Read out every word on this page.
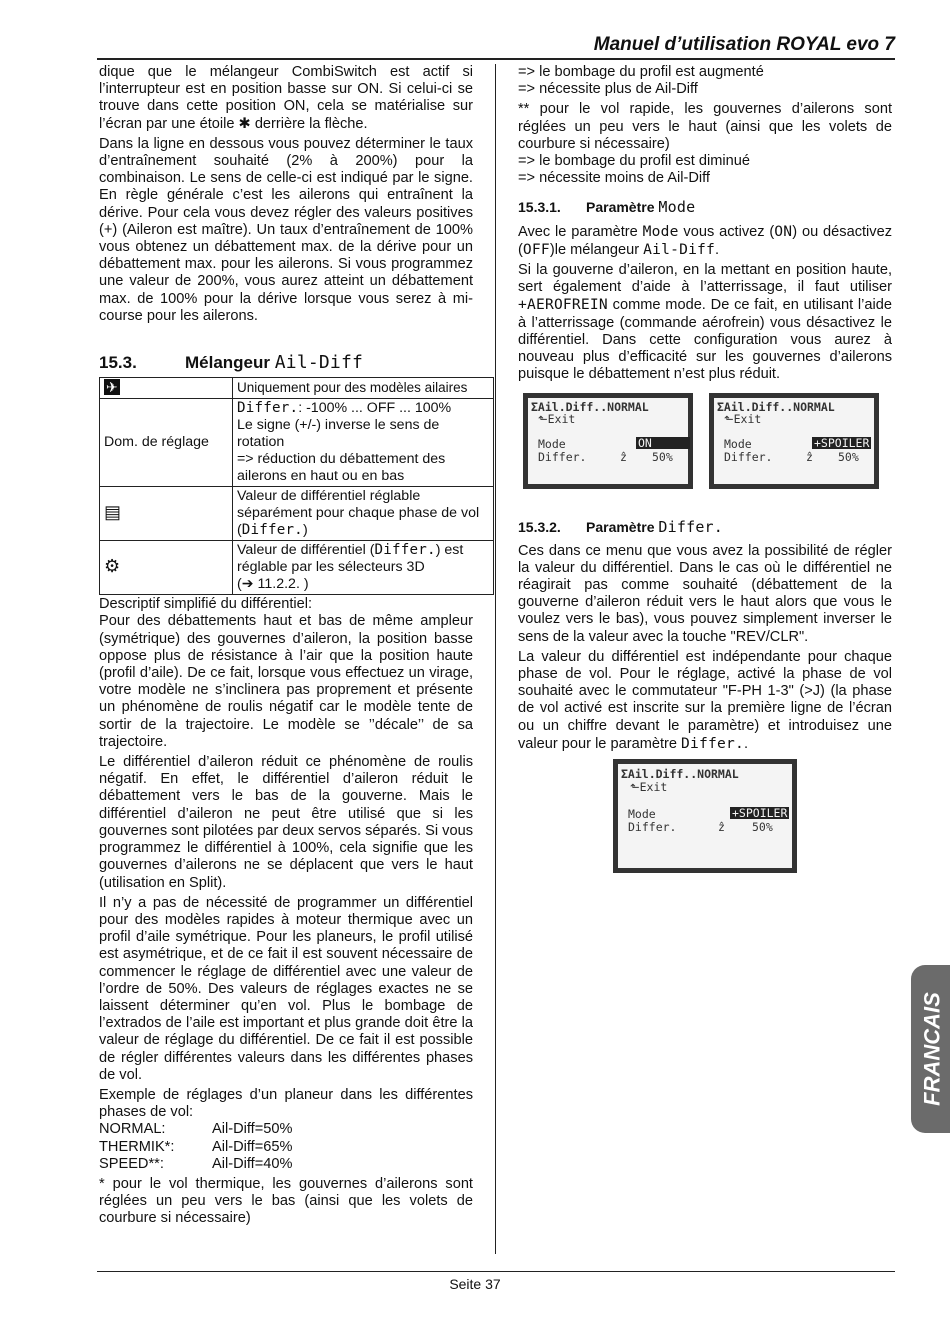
Manuel d’utilisation ROYAL evo 7

dique que le mélangeur CombiSwitch est actif si l’interrupteur est en position basse sur ON. Si celui-ci se trouve dans cette position ON, cela se matérialise sur l’écran par une étoile ✱ derrière la flèche.

Dans la ligne en dessous vous pouvez déterminer le taux d’entraînement souhaité (2% à 200%) pour la combinaison. Le sens de celle-ci est indiqué par le signe. En règle générale c’est les ailerons qui entraînent la dérive. Pour cela vous devez régler des valeurs positives (+) (Aileron est maître). Un taux d’entraînement de 100% vous obtenez un débattement max. de la dérive pour un débattement max. pour les ailerons. Si vous programmez une valeur de 200%, vous aurez atteint un débattement max. de 100% pour la dérive lorsque vous serez à mi-course pour les ailerons.

15.3.	Mélangeur Ail-Diff
✈	Uniquement pour des modèles ailaires
Dom. de réglage	Differ.: -100% ... OFF ... 100%
Le signe (+/-) inverse le sens de rotation
=> réduction du débattement des ailerons en haut ou en bas
▤	Valeur de différentiel réglable séparément pour chaque phase de vol (Differ.)
⚙	Valeur de différentiel (Differ.) est réglable par les sélecteurs 3D
(➔ 11.2.2. )

Descriptif simplifié du différentiel:

Pour des débattements haut et bas de même ampleur (symétrique) des gouvernes d’aileron, la position basse oppose plus de résistance à l’air que la position haute (profil d’aile). De ce fait, lorsque vous effectuez un virage, votre modèle ne s’inclinera pas proprement et présente un phénomène de roulis négatif car le modèle tente de sortir de la trajectoire. Le modèle se ’’décale’’ de sa trajectoire.

Le différentiel d’aileron réduit ce phénomène de roulis négatif. En effet, le différentiel d’aileron réduit le débattement vers le bas de la gouverne. Mais le différentiel d’aileron ne peut être utilisé que si les gouvernes sont pilotées par deux servos séparés. Si vous programmez le différentiel à 100%, cela signifie que les gouvernes d’ailerons ne se déplacent que vers le haut (utilisation en Split).

Il n’y a pas de nécessité de programmer un différentiel pour des modèles rapides à moteur thermique avec un profil d’aile symétrique. Pour les planeurs, le profil utilisé est asymétrique, et de ce fait il est souvent nécessaire de commencer le réglage de différentiel avec une valeur de l’ordre de 50%. Des valeurs de réglages exactes ne se laissent déterminer qu’en vol. Plus le bombage de l’extrados de l’aile est important et plus grande doit être la valeur de réglage du différentiel. De ce fait il est possible de régler différentes valeurs dans les différentes phases de vol.

Exemple de réglages d’un planeur dans les différentes phases de vol:

NORMAL:	Ail-Diff=50%
THERMIK*:	Ail-Diff=65%
SPEED**:	Ail-Diff=40%

* pour le vol thermique, les gouvernes d’ailerons sont réglées un peu vers le bas (ainsi que les volets de courbure si nécessaire)

=> le bombage du profil est augmenté
=> nécessite plus de Ail-Diff

** pour le vol rapide, les gouvernes d’ailerons sont réglées un peu vers le haut (ainsi que les volets de courbure si nécessaire)

=> le bombage du profil est diminué
=> nécessite moins de Ail-Diff
15.3.1. Paramètre Mode

Avec le paramètre Mode vous activez (ON) ou désactivez (OFF)le mélangeur Ail-Diff.

Si la gouverne d’aileron, en la mettant en position haute, sert également d’aide à l’atterrissage, il faut utiliser +AEROFREIN comme mode. De ce fait, en utilisant l’aide à l’atterrissage (commande aérofrein) vous désactivez le différentiel. Dans cette configuration vous aurez à nouveau plus d’efficacité sur les gouvernes d’ailerons puisque le débattement n’est plus réduit.

ΣAil.Diff..NORMAL
⬑Exit
Mode	ON
Differ.	ẑ 50%
ΣAil.Diff..NORMAL
⬑Exit
Mode	+SPOILER
Differ.	ẑ 50%
15.3.2. Paramètre Differ.

Ces dans ce menu que vous avez la possibilité de régler la valeur du différentiel. Dans le cas où le différentiel ne réagirait pas comme souhaité (débattement de la gouverne d’aileron réduit vers le haut alors que vous le voulez vers le bas), vous pouvez simplement inverser le sens de la valeur avec la touche "REV/CLR".

La valeur du différentiel est indépendante pour chaque phase de vol. Pour le réglage, activé la phase de vol souhaité avec le commutateur "F-PH 1-3" (>J) (la phase de vol activé est inscrite sur la première ligne de l’écran ou un chiffre devant le paramètre) et introduisez une valeur pour le paramètre Differ..

ΣAil.Diff..NORMAL
⬑Exit
Mode	+SPOILER
Differ.	ẑ 50%
FRANCAIS
Seite 37
